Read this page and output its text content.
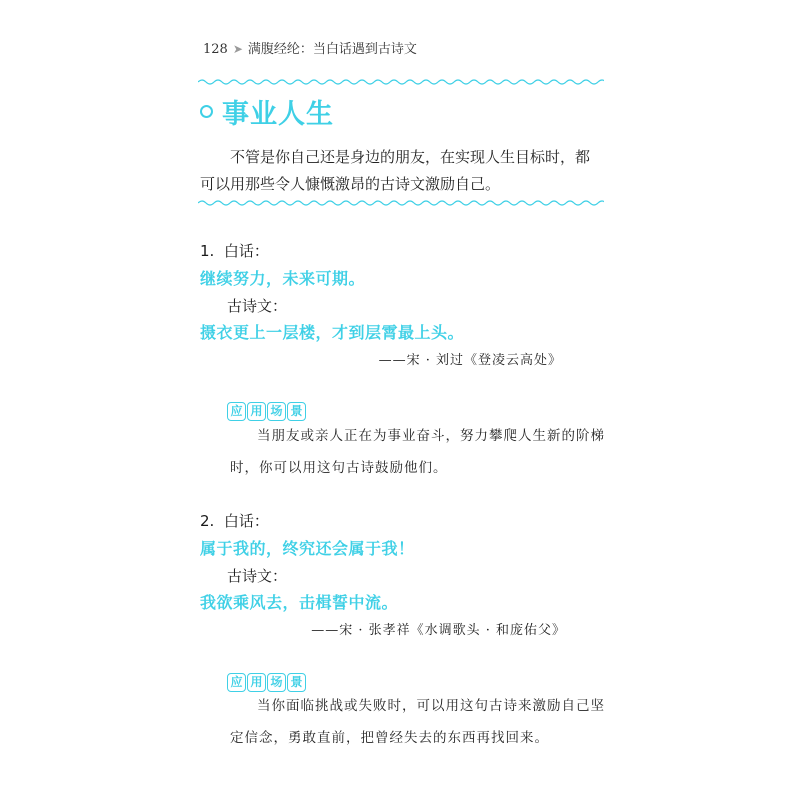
128 ➤ 满腹经纶：当白话遇到古诗文
事业人生
不管是你自己还是身边的朋友，在实现人生目标时，都可以用那些令人慷慨激昂的古诗文激励自己。
1. 白话：
继续努力，未来可期。
古诗文：
摄衣更上一层楼，才到层霄最上头。
——宋 · 刘过《登凌云高处》
应 用 场 景

当朋友或亲人正在为事业奋斗，努力攀爬人生新的阶梯时，你可以用这句古诗鼓励他们。

2. 白话：
属于我的，终究还会属于我！
古诗文：
我欲乘风去，击楫誓中流。
——宋 · 张孝祥《水调歌头 · 和庞佑父》
应 用 场 景

当你面临挑战或失败时，可以用这句古诗来激励自己坚定信念，勇敢直前，把曾经失去的东西再找回来。
